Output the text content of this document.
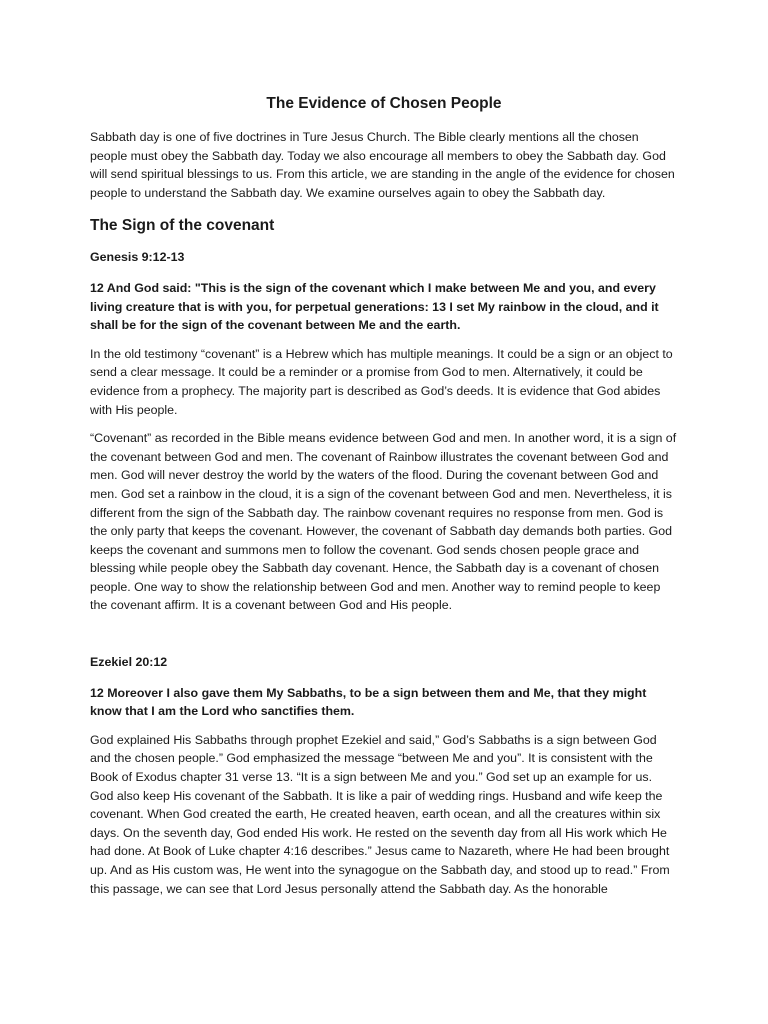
The Evidence of Chosen People

Sabbath day is one of five doctrines in Ture Jesus Church. The Bible clearly mentions all the chosen people must obey the Sabbath day. Today we also encourage all members to obey the Sabbath day. God will send spiritual blessings to us. From this article, we are standing in the angle of the evidence for chosen people to understand the Sabbath day. We examine ourselves again to obey the Sabbath day.

The Sign of the covenant

Genesis 9:12-13

12 And God said: "This is the sign of the covenant which I make between Me and you, and every living creature that is with you, for perpetual generations: 13 I set My rainbow in the cloud, and it shall be for the sign of the covenant between Me and the earth.

In the old testimony “covenant” is a Hebrew which has multiple meanings. It could be a sign or an object to send a clear message. It could be a reminder or a promise from God to men. Alternatively, it could be evidence from a prophecy. The majority part is described as God’s deeds. It is evidence that God abides with His people.

“Covenant” as recorded in the Bible means evidence between God and men. In another word, it is a sign of the covenant between God and men. The covenant of Rainbow illustrates the covenant between God and men. God will never destroy the world by the waters of the flood. During the covenant between God and men. God set a rainbow in the cloud, it is a sign of the covenant between God and men. Nevertheless, it is different from the sign of the Sabbath day. The rainbow covenant requires no response from men. God is the only party that keeps the covenant. However, the covenant of Sabbath day demands both parties. God keeps the covenant and summons men to follow the covenant. God sends chosen people grace and blessing while people obey the Sabbath day covenant. Hence, the Sabbath day is a covenant of chosen people. One way to show the relationship between God and men. Another way to remind people to keep the covenant affirm. It is a covenant between God and His people.

Ezekiel 20:12

12 Moreover I also gave them My Sabbaths, to be a sign between them and Me, that they might know that I am the Lord who sanctifies them.

God explained His Sabbaths through prophet Ezekiel and said,” God’s Sabbaths is a sign between God and the chosen people.” God emphasized the message “between Me and you”. It is consistent with the Book of Exodus chapter 31 verse 13. “It is a sign between Me and you.” God set up an example for us. God also keep His covenant of the Sabbath. It is like a pair of wedding rings. Husband and wife keep the covenant. When God created the earth, He created heaven, earth ocean, and all the creatures within six days. On the seventh day, God ended His work. He rested on the seventh day from all His work which He had done. At Book of Luke chapter 4:16 describes.” Jesus came to Nazareth, where He had been brought up. And as His custom was, He went into the synagogue on the Sabbath day, and stood up to read.” From this passage, we can see that Lord Jesus personally attend the Sabbath day. As the honorable
